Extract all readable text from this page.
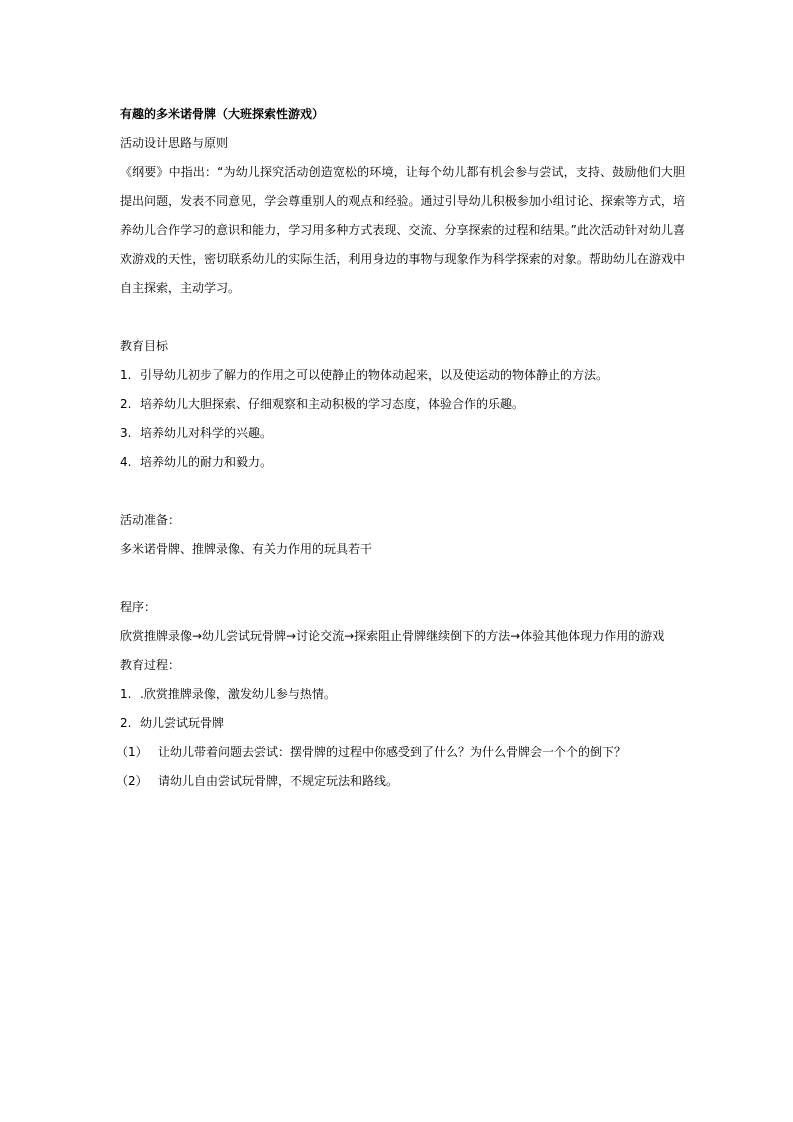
有趣的多米诺骨牌（大班探索性游戏）
活动设计思路与原则
《纲要》中指出：“为幼儿探究活动创造宽松的环境，让每个幼儿都有机会参与尝试，支持、鼓励他们大胆提出问题，发表不同意见，学会尊重别人的观点和经验。通过引导幼儿积极参加小组讨论、探索等方式，培养幼儿合作学习的意识和能力，学习用多种方式表现、交流、分享探索的过程和结果。”此次活动针对幼儿喜欢游戏的天性，密切联系幼儿的实际生活，利用身边的事物与现象作为科学探索的对象。帮助幼儿在游戏中自主探索，主动学习。
教育目标
1. 引导幼儿初步了解力的作用之可以使静止的物体动起来，以及使运动的物体静止的方法。
2. 培养幼儿大胆探索、仔细观察和主动积极的学习态度，体验合作的乐趣。
3. 培养幼儿对科学的兴趣。
4. 培养幼儿的耐力和毅力。
活动准备：
多米诺骨牌、推牌录像、有关力作用的玩具若干
程序：
欣赏推牌录像→幼儿尝试玩骨牌→讨论交流→探索阻止骨牌继续倒下的方法→体验其他体现力作用的游戏
教育过程：
1. .欣赏推牌录像，激发幼儿参与热情。
2. 幼儿尝试玩骨牌
（1） 让幼儿带着问题去尝试：摆骨牌的过程中你感受到了什么？为什么骨牌会一个个的倒下？
（2） 请幼儿自由尝试玩骨牌，不规定玩法和路线。
